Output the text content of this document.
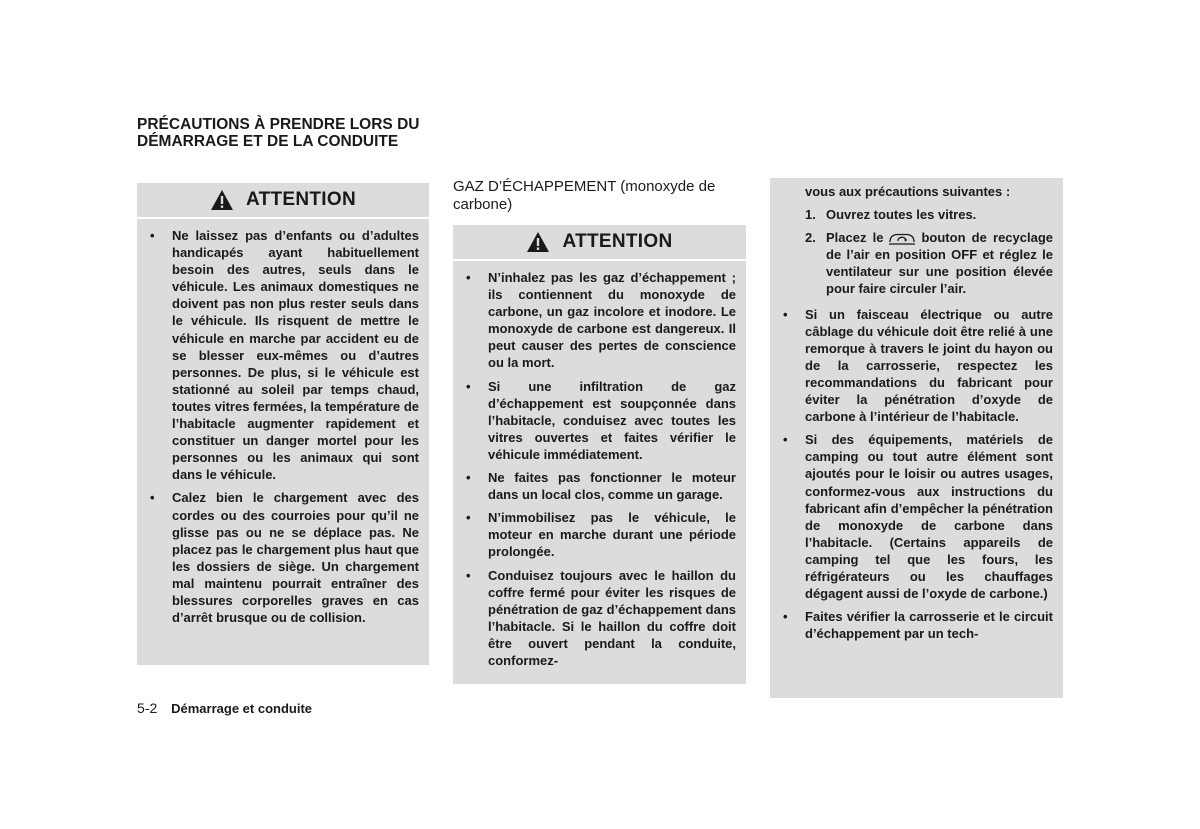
PRÉCAUTIONS À PRENDRE LORS DU DÉMARRAGE ET DE LA CONDUITE
ATTENTION
• Ne laissez pas d’enfants ou d’adultes handicapés ayant habituellement besoin des autres, seuls dans le véhicule. Les animaux domestiques ne doivent pas non plus rester seuls dans le véhicule. Ils risquent de mettre le véhicule en marche par accident eu de se blesser eux-mêmes ou d’autres personnes. De plus, si le véhicule est stationné au soleil par temps chaud, toutes vitres fermées, la température de l’habitacle augmenter rapidement et constituer un danger mortel pour les personnes ou les animaux qui sont dans le véhicule.
• Calez bien le chargement avec des cordes ou des courroies pour qu’il ne glisse pas ou ne se déplace pas. Ne placez pas le chargement plus haut que les dossiers de siège. Un chargement mal maintenu pourrait entraîner des blessures corporelles graves en cas d’arrêt brusque ou de collision.
GAZ D’ÉCHAPPEMENT (monoxyde de carbone)
ATTENTION
• N’inhalez pas les gaz d’échappement ; ils contiennent du monoxyde de carbone, un gaz incolore et inodore. Le monoxyde de carbone est dangereux. Il peut causer des pertes de conscience ou la mort.
• Si une infiltration de gaz d’échappement est soupçonnée dans l’habitacle, conduisez avec toutes les vitres ouvertes et faites vérifier le véhicule immédiatement.
• Ne faites pas fonctionner le moteur dans un local clos, comme un garage.
• N’immobilisez pas le véhicule, le moteur en marche durant une période prolongée.
• Conduisez toujours avec le haillon du coffre fermé pour éviter les risques de pénétration de gaz d’échappement dans l’habitacle. Si le haillon du coffre doit être ouvert pendant la conduite, conformez-
vous aux précautions suivantes :
1. Ouvrez toutes les vitres.
2. Placez le	bouton de recyclage de l’air en position OFF et réglez le ventilateur sur une position élevée pour faire circuler l’air.
• Si un faisceau électrique ou autre câblage du véhicule doit être relié à une remorque à travers le joint du hayon ou de la carrosserie, respectez les recommandations du fabricant pour éviter la pénétration d’oxyde de carbone à l’intérieur de l’habitacle.
• Si des équipements, matériels de camping ou tout autre élément sont ajoutés pour le loisir ou autres usages, conformez-vous aux instructions du fabricant afin d’empêcher la pénétration de monoxyde de carbone dans l’habitacle. (Certains appareils de camping tel que les fours, les réfrigérateurs ou les chauffages dégagent aussi de l’oxyde de carbone.)
• Faites vérifier la carrosserie et le circuit d’échappement par un tech-
5-2 Démarrage et conduite
